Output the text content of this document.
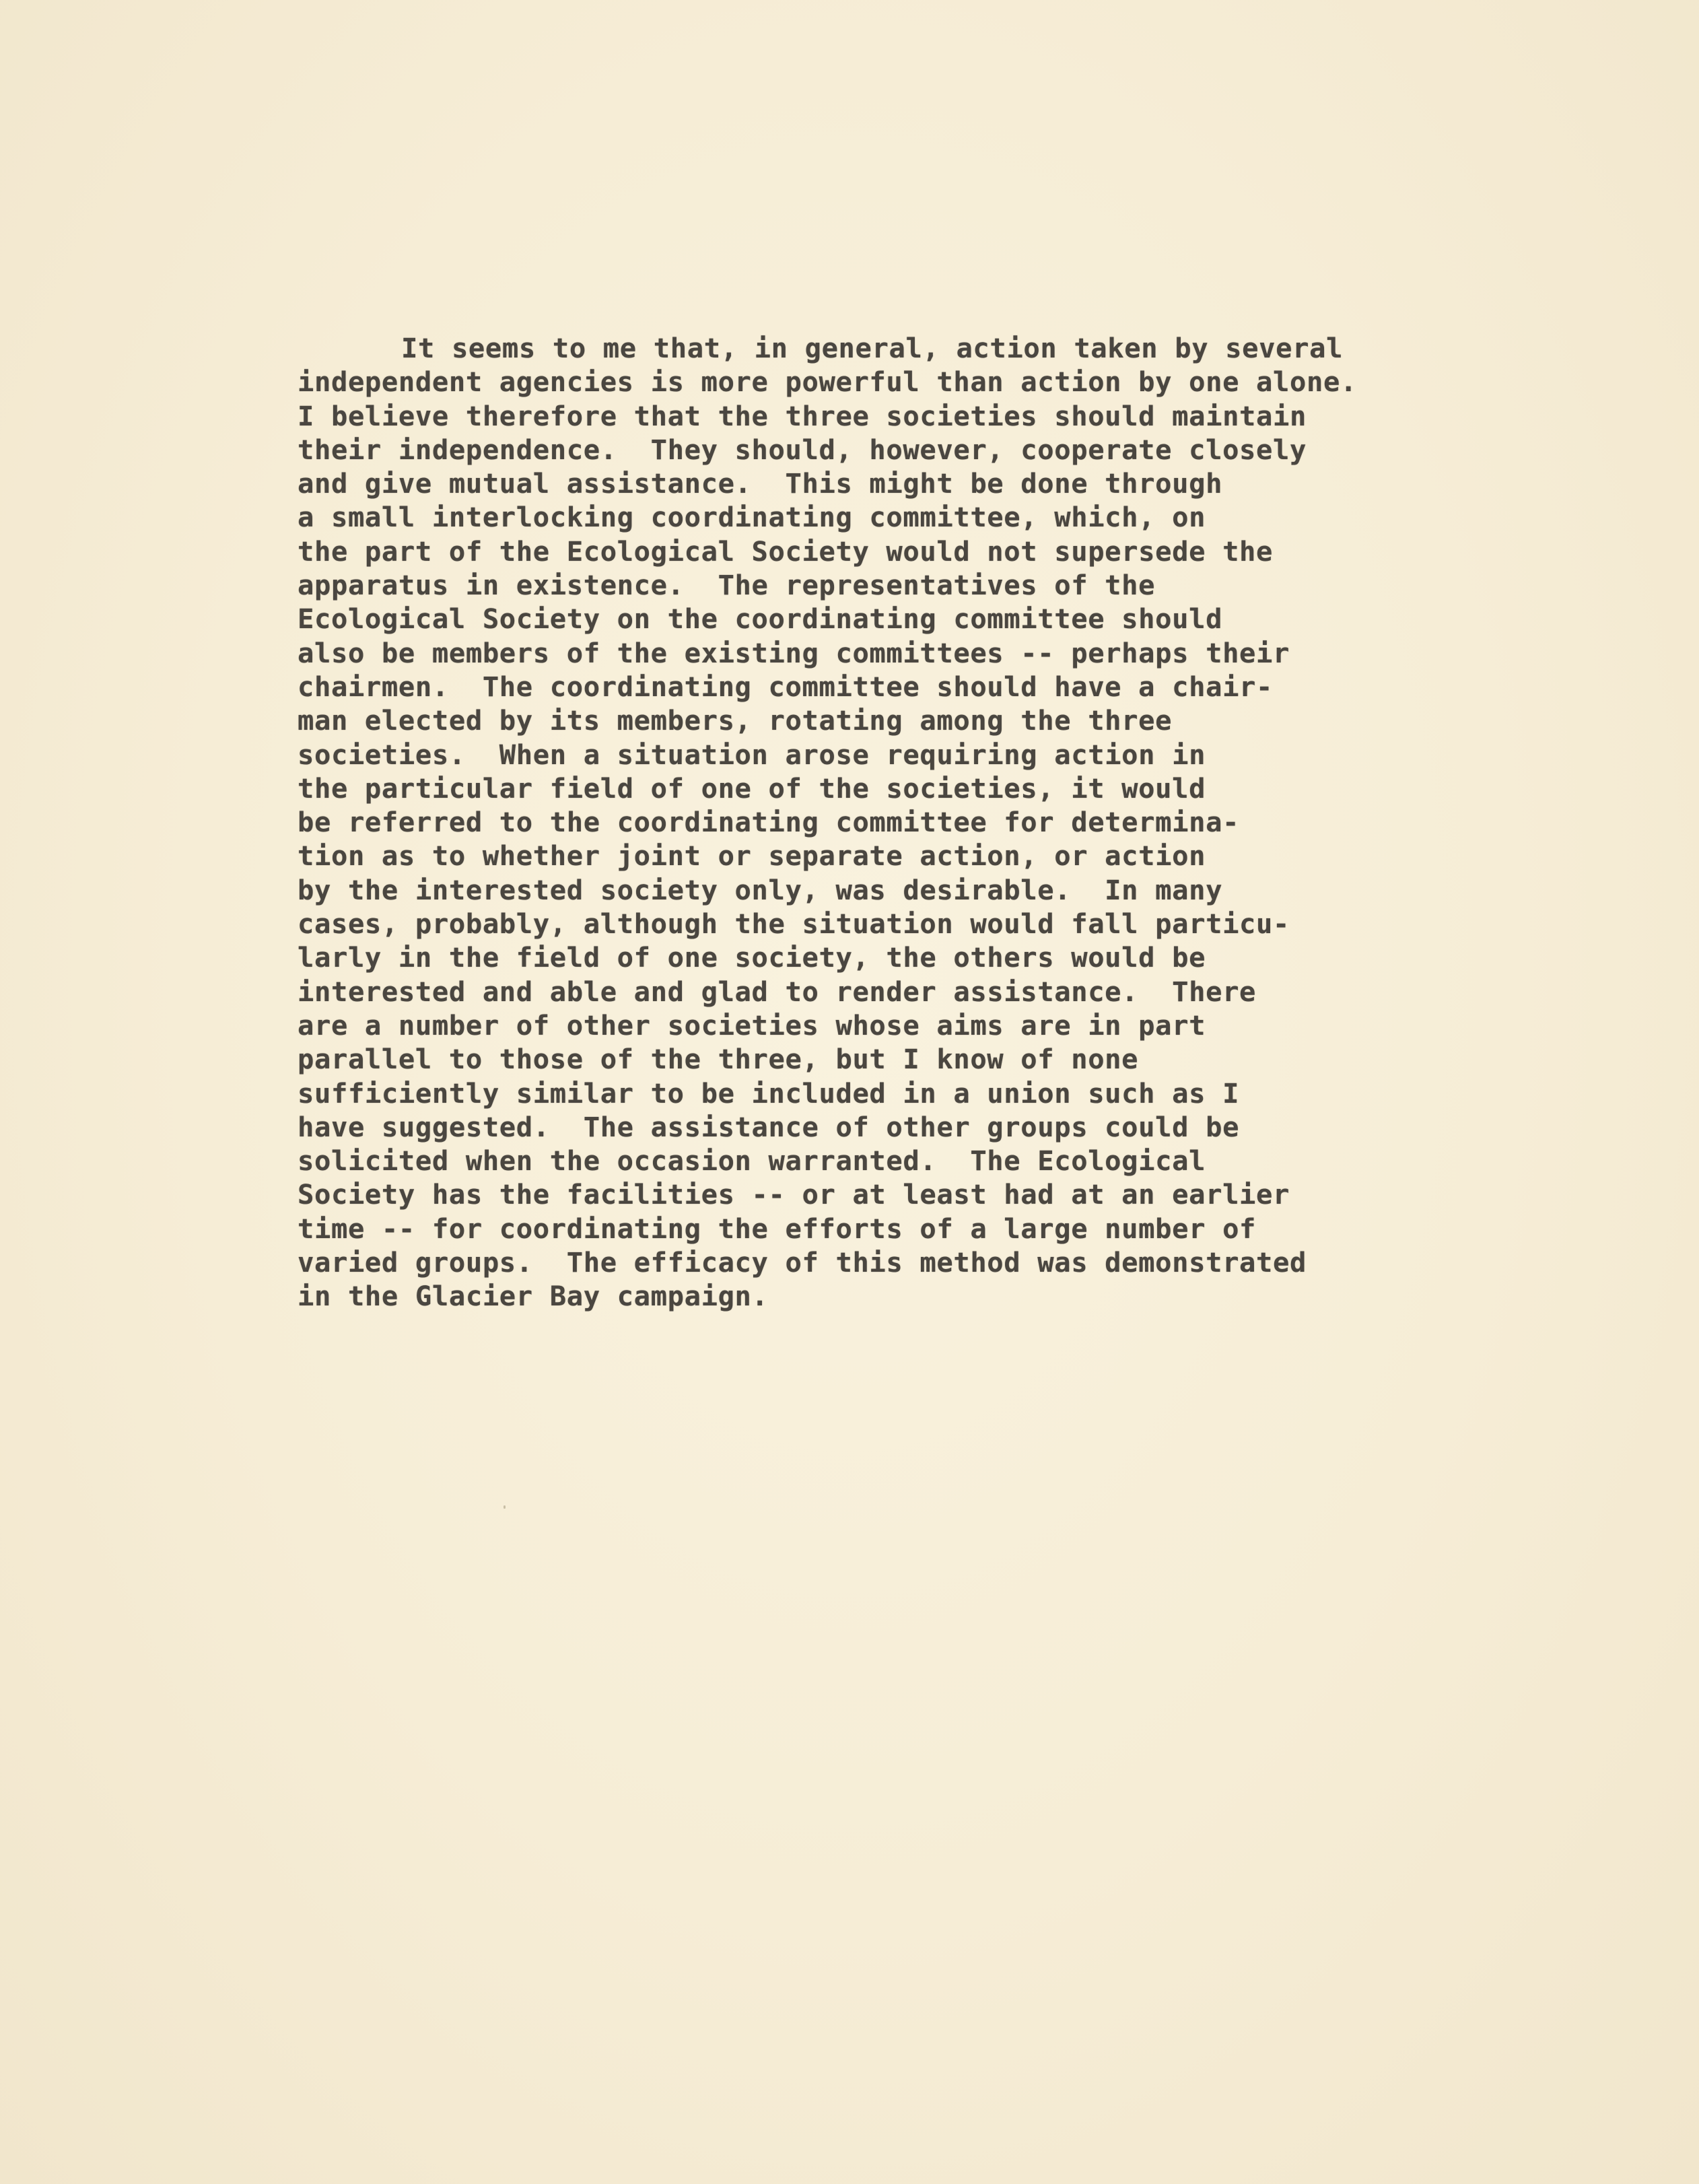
It seems to me that, in general, action taken by several
independent agencies is more powerful than action by one alone.
I believe therefore that the three societies should maintain
their independence.  They should, however, cooperate closely
and give mutual assistance.  This might be done through
a small interlocking coordinating committee, which, on
the part of the Ecological Society would not supersede the
apparatus in existence.  The representatives of the
Ecological Society on the coordinating committee should
also be members of the existing committees -- perhaps their
chairmen.  The coordinating committee should have a chair-
man elected by its members, rotating among the three
societies.  When a situation arose requiring action in
the particular field of one of the societies, it would
be referred to the coordinating committee for determina-
tion as to whether joint or separate action, or action
by the interested society only, was desirable.  In many
cases, probably, although the situation would fall particu-
larly in the field of one society, the others would be
interested and able and glad to render assistance.  There
are a number of other societies whose aims are in part
parallel to those of the three, but I know of none
sufficiently similar to be included in a union such as I
have suggested.  The assistance of other groups could be
solicited when the occasion warranted.  The Ecological
Society has the facilities -- or at least had at an earlier
time -- for coordinating the efforts of a large number of
varied groups.  The efficacy of this method was demonstrated
in the Glacier Bay campaign.
